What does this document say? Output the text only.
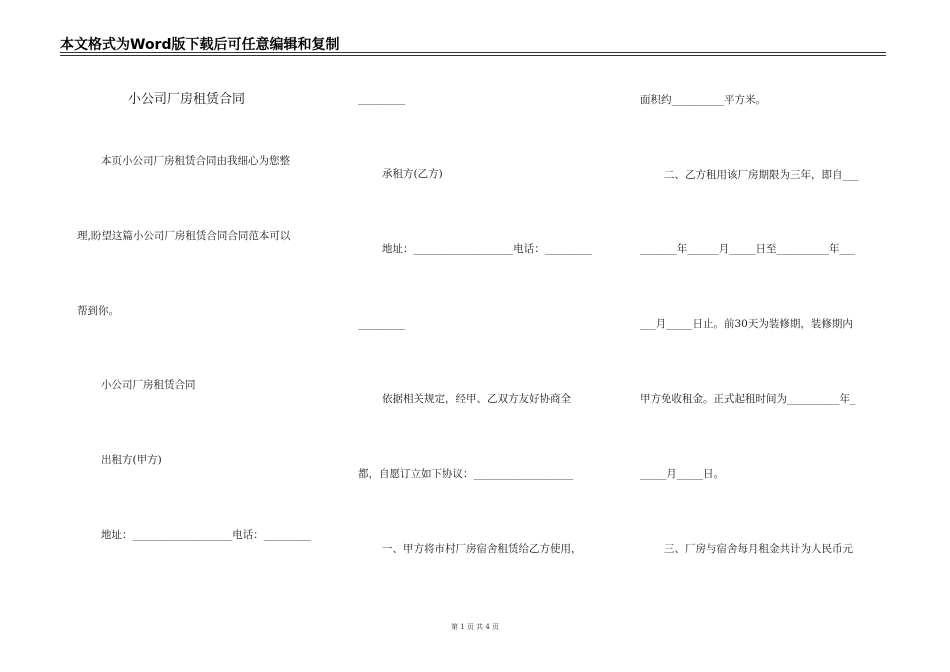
本文格式为Word版下载后可任意编辑和复制
小公司厂房租赁合同
本页小公司厂房租赁合同由我细心为您整
理,盼望这篇小公司厂房租赁合同合同范本可以
帮到你。
小公司厂房租赁合同
出租方(甲方)
地址：___________________电话：_________
_________
承租方(乙方)
地址：___________________电话：_________
_________
依据相关规定，经甲、乙双方友好协商全
都，自愿订立如下协议：___________________
一、甲方将市村厂房宿舍租赁给乙方使用，
面积约__________平方米。
二、乙方租用该厂房期限为三年，即自___
_______年______月_____日至__________年___
___月_____日止。前30天为装修期，装修期内
甲方免收租金。正式起租时间为__________年_
_____月_____日。
三、厂房与宿舍每月租金共计为人民币元
第 1 页 共 4 页
